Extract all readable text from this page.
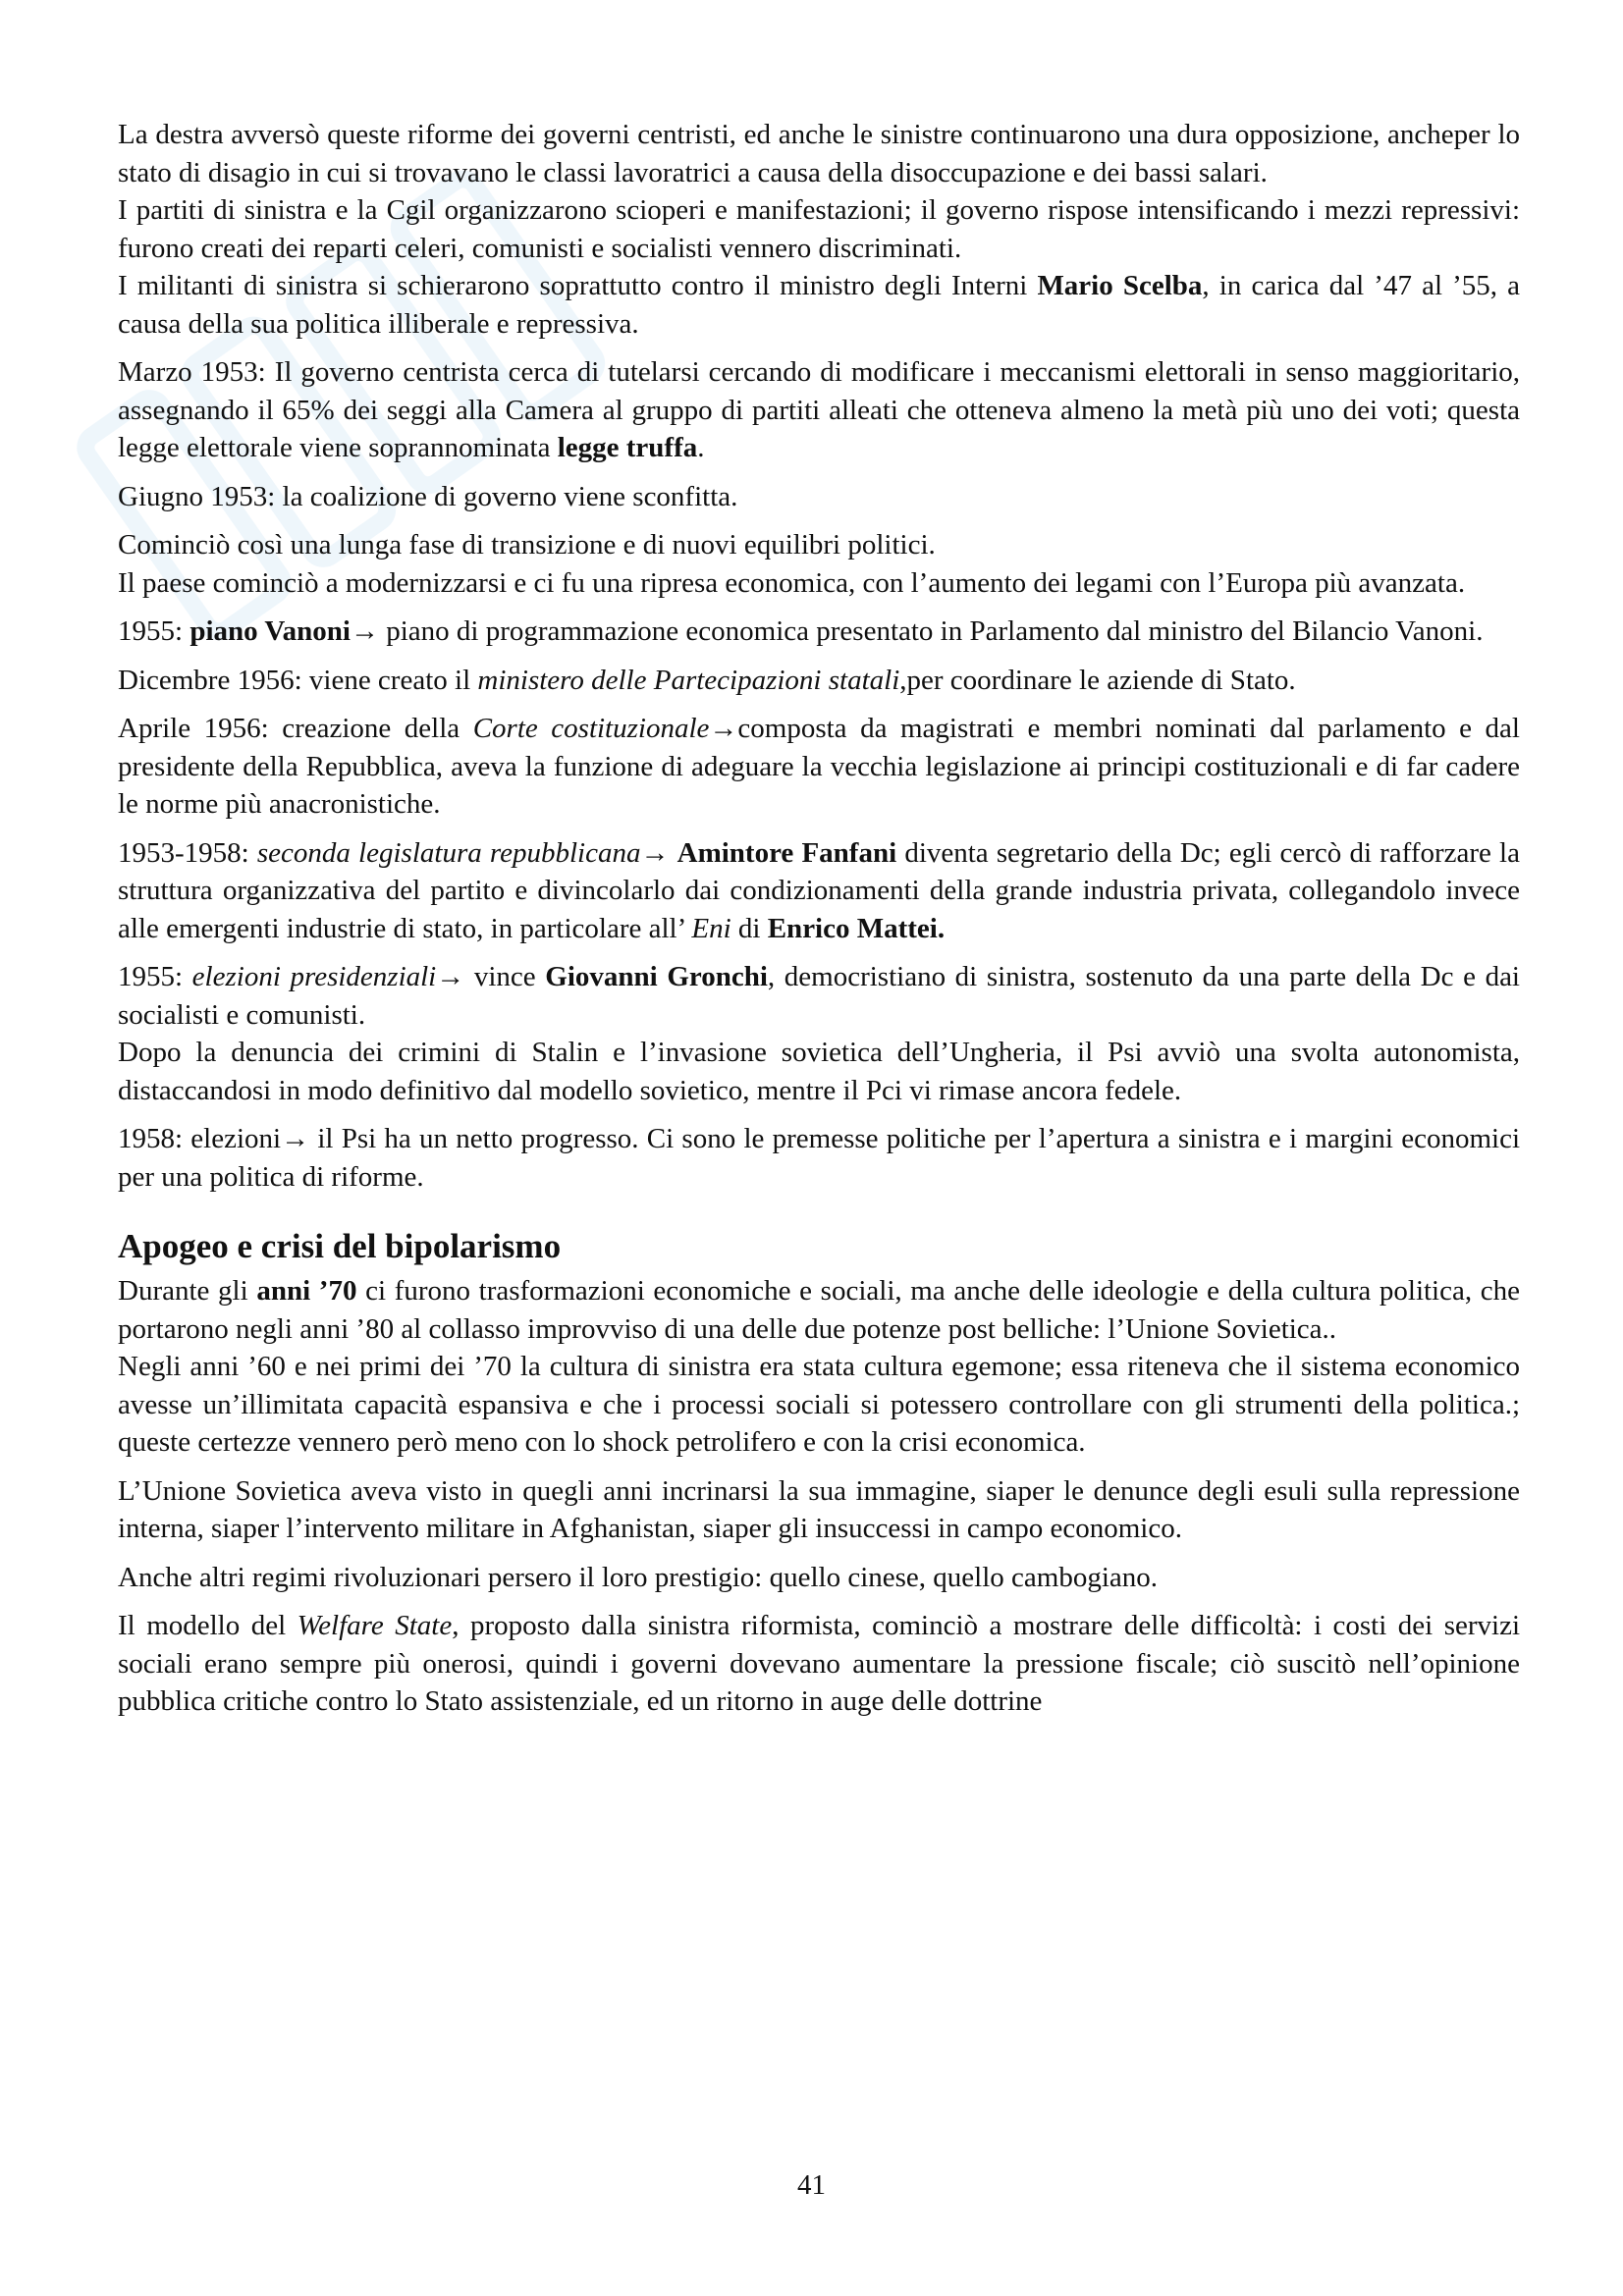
La destra avversò queste riforme dei governi centristi, ed anche le sinistre continuarono una dura opposizione, ancheper lo stato di disagio in cui si trovavano le classi lavoratrici a causa della disoccupazione e dei bassi salari.

I partiti di sinistra e la Cgil organizzarono scioperi e manifestazioni; il governo rispose intensificando i mezzi repressivi: furono creati dei reparti celeri, comunisti e socialisti vennero discriminati.

I militanti di sinistra si schierarono soprattutto contro il ministro degli Interni Mario Scelba, in carica dal ’47 al ’55, a causa della sua politica illiberale e repressiva.

Marzo 1953: Il governo centrista cerca di tutelarsi cercando di modificare i meccanismi elettorali in senso maggioritario, assegnando il 65% dei seggi alla Camera al gruppo di partiti alleati che otteneva almeno la metà più uno dei voti; questa legge elettorale viene soprannominata legge truffa.

Giugno 1953: la coalizione di governo viene sconfitta.

Cominciò così una lunga fase di transizione e di nuovi equilibri politici.

Il paese cominciò a modernizzarsi e ci fu una ripresa economica, con l’aumento dei legami con l’Europa più avanzata.

1955: piano Vanoni→ piano di programmazione economica presentato in Parlamento dal ministro del Bilancio Vanoni.

Dicembre 1956: viene creato il ministero delle Partecipazioni statali,per coordinare le aziende di Stato.

Aprile 1956: creazione della Corte costituzionale→composta da magistrati e membri nominati dal parlamento e dal presidente della Repubblica, aveva la funzione di adeguare la vecchia legislazione ai principi costituzionali e di far cadere le norme più anacronistiche.

1953-1958: seconda legislatura repubblicana→ Amintore Fanfani diventa segretario della Dc; egli cercò di rafforzare la struttura organizzativa del partito e divincolarlo dai condizionamenti della grande industria privata, collegandolo invece alle emergenti industrie di stato, in particolare all’ Eni di Enrico Mattei.

1955: elezioni presidenziali→ vince Giovanni Gronchi, democristiano di sinistra, sostenuto da una parte della Dc e dai socialisti e comunisti.

Dopo la denuncia dei crimini di Stalin e l’invasione sovietica dell’Ungheria, il Psi avviò una svolta autonomista, distaccandosi in modo definitivo dal modello sovietico, mentre il Pci vi rimase ancora fedele.

1958: elezioni→ il Psi ha un netto progresso. Ci sono le premesse politiche per l’apertura a sinistra e i margini economici per una politica di riforme.

Apogeo e crisi del bipolarismo

Durante gli anni ’70 ci furono trasformazioni economiche e sociali, ma anche delle ideologie e della cultura politica, che portarono negli anni ’80 al collasso improvviso di una delle due potenze post belliche: l’Unione Sovietica..

Negli anni ’60 e nei primi dei ’70 la cultura di sinistra era stata cultura egemone; essa riteneva che il sistema economico avesse un’illimitata capacità espansiva e che i processi sociali si potessero controllare con gli strumenti della politica.; queste certezze vennero però meno con lo shock petrolifero e con la crisi economica.

L’Unione Sovietica aveva visto in quegli anni incrinarsi la sua immagine, siaper le denunce degli esuli sulla repressione interna, siaper l’intervento militare in Afghanistan, siaper gli insuccessi in campo economico.

Anche altri regimi rivoluzionari persero il loro prestigio: quello cinese, quello cambogiano.

Il modello del Welfare State, proposto dalla sinistra riformista, cominciò a mostrare delle difficoltà: i costi dei servizi sociali erano sempre più onerosi, quindi i governi dovevano aumentare la pressione fiscale; ciò suscitò nell’opinione pubblica critiche contro lo Stato assistenziale, ed un ritorno in auge delle dottrine

41
